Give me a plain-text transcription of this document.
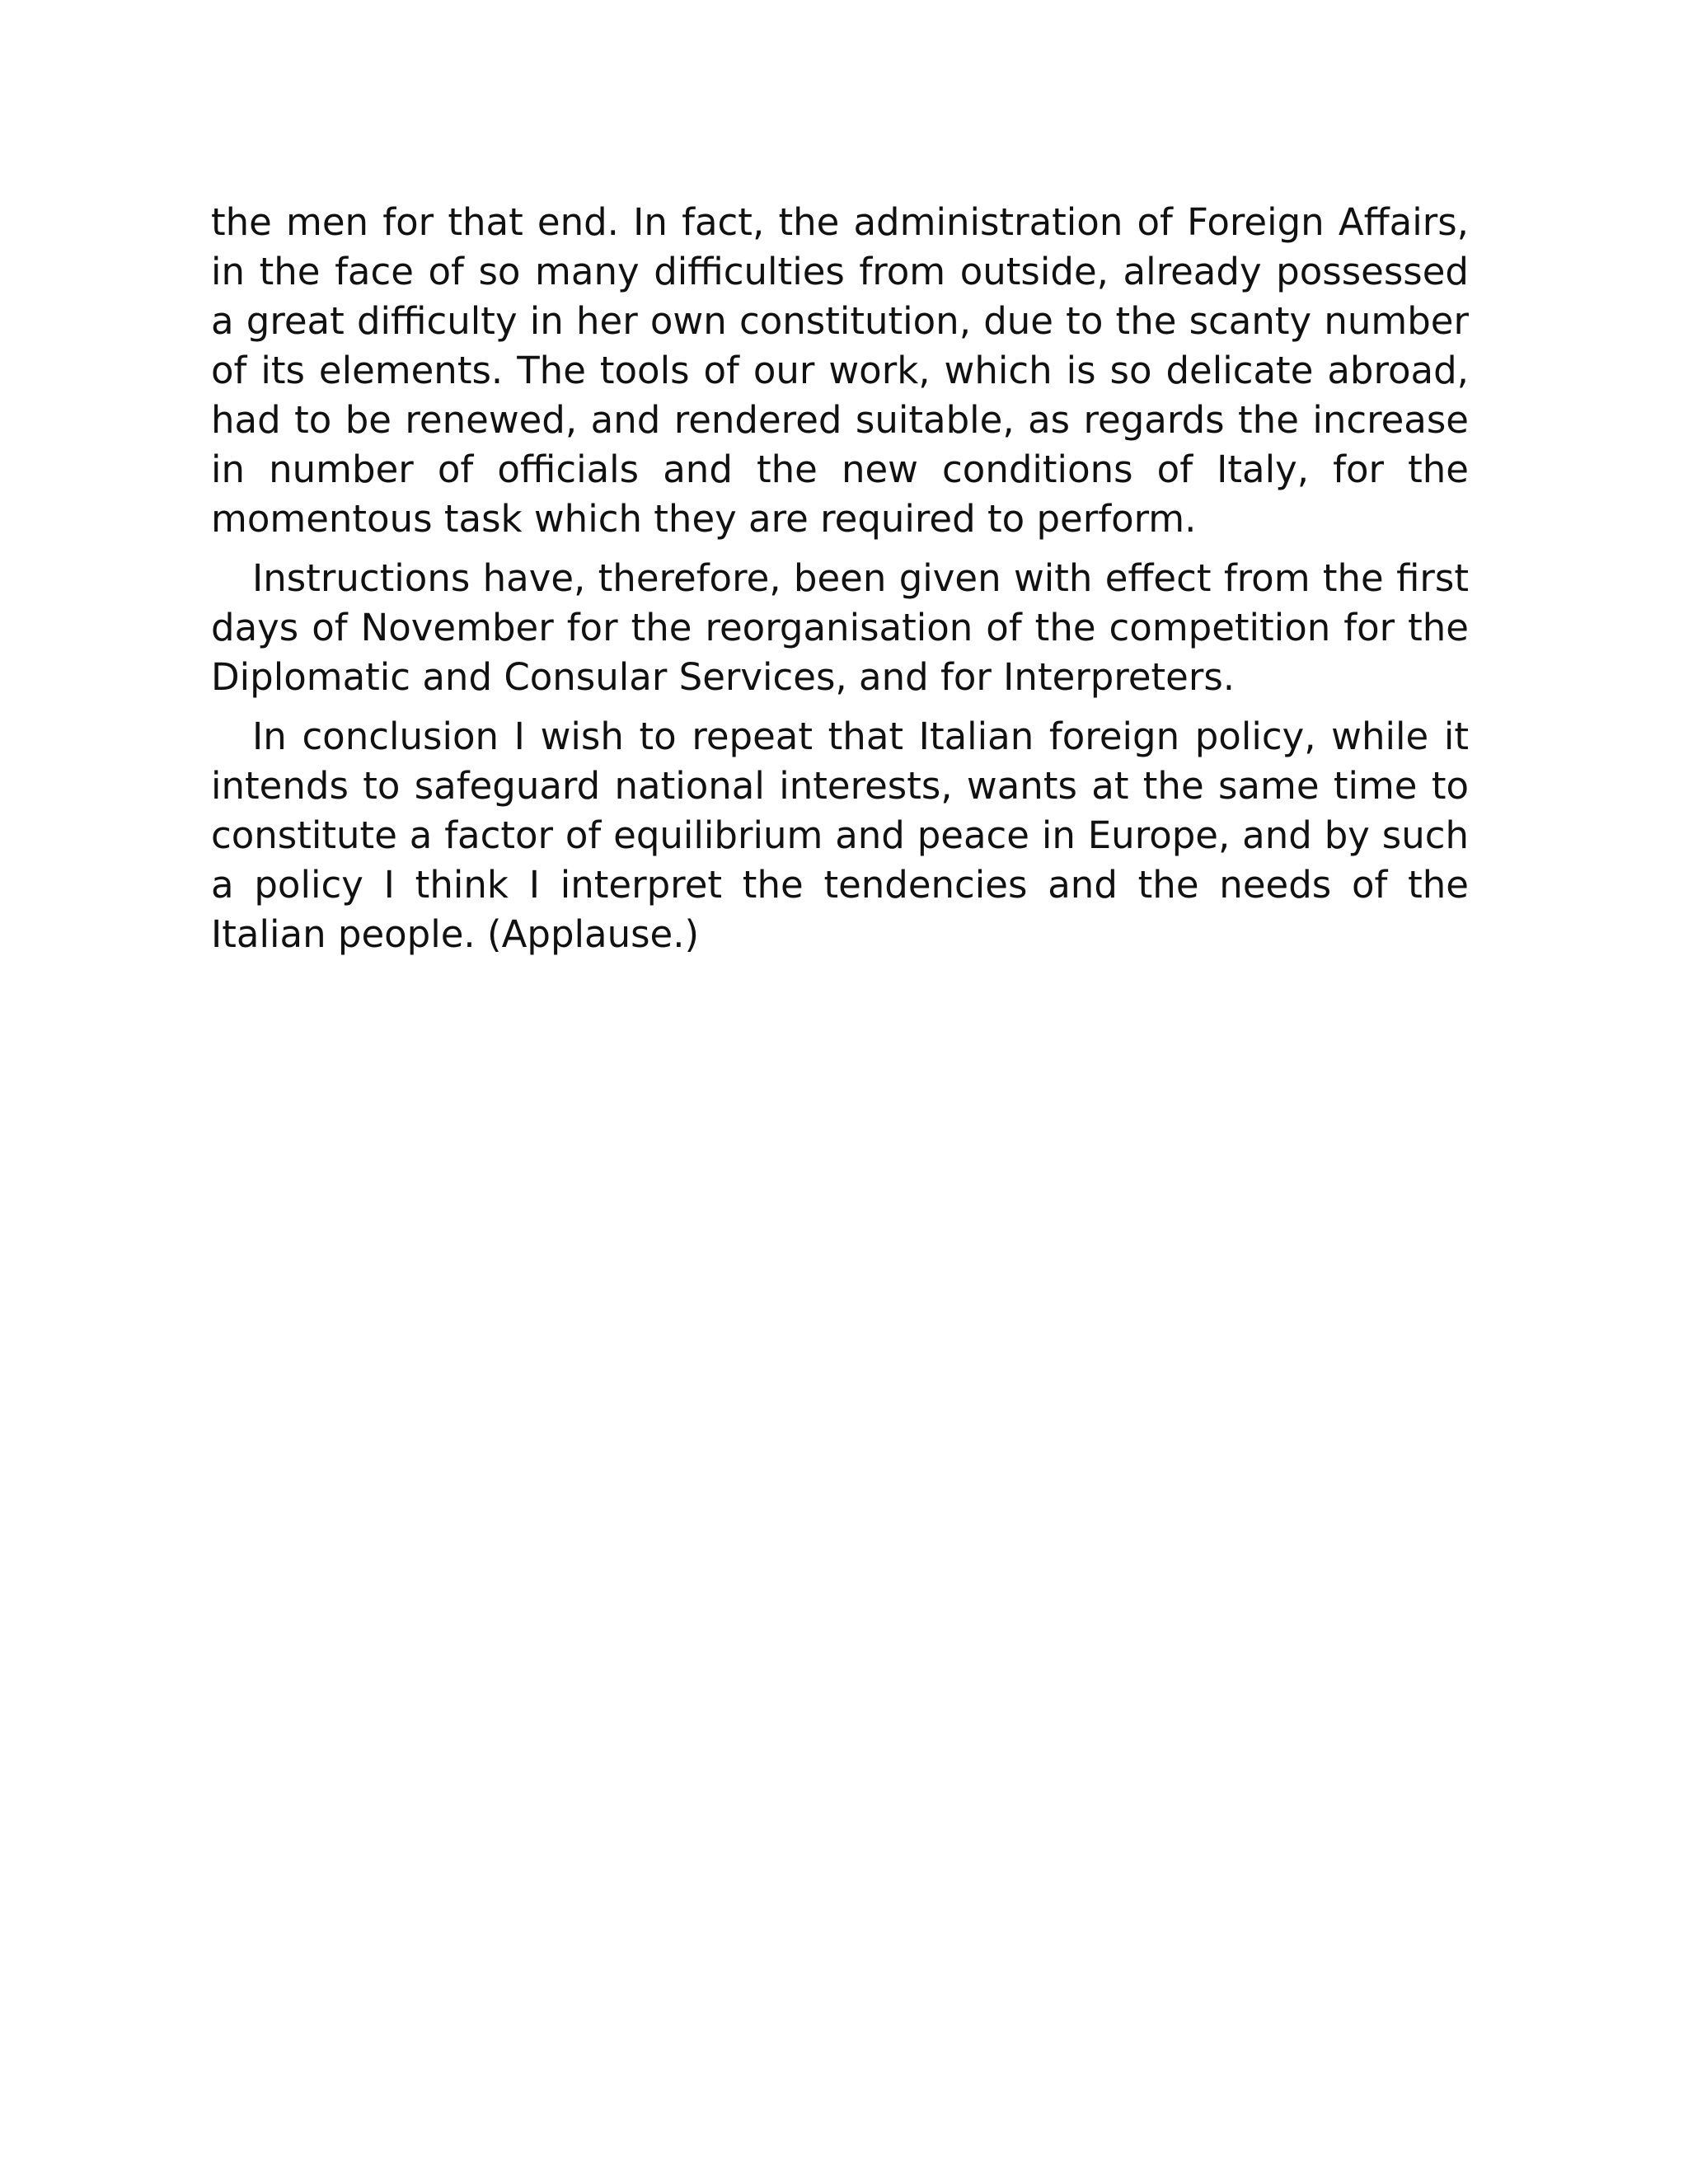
the men for that end. In fact, the administration of Foreign Affairs, in the face of so many difficulties from outside, already possessed a great difficulty in her own constitution, due to the scanty number of its elements. The tools of our work, which is so delicate abroad, had to be renewed, and rendered suitable, as regards the increase in number of officials and the new conditions of Italy, for the momentous task which they are required to perform.

Instructions have, therefore, been given with effect from the first days of November for the reorganisation of the competition for the Diplomatic and Consular Services, and for Interpreters.

In conclusion I wish to repeat that Italian foreign policy, while it intends to safeguard national interests, wants at the same time to constitute a factor of equilibrium and peace in Europe, and by such a policy I think I interpret the tendencies and the needs of the Italian people. (Applause.)
